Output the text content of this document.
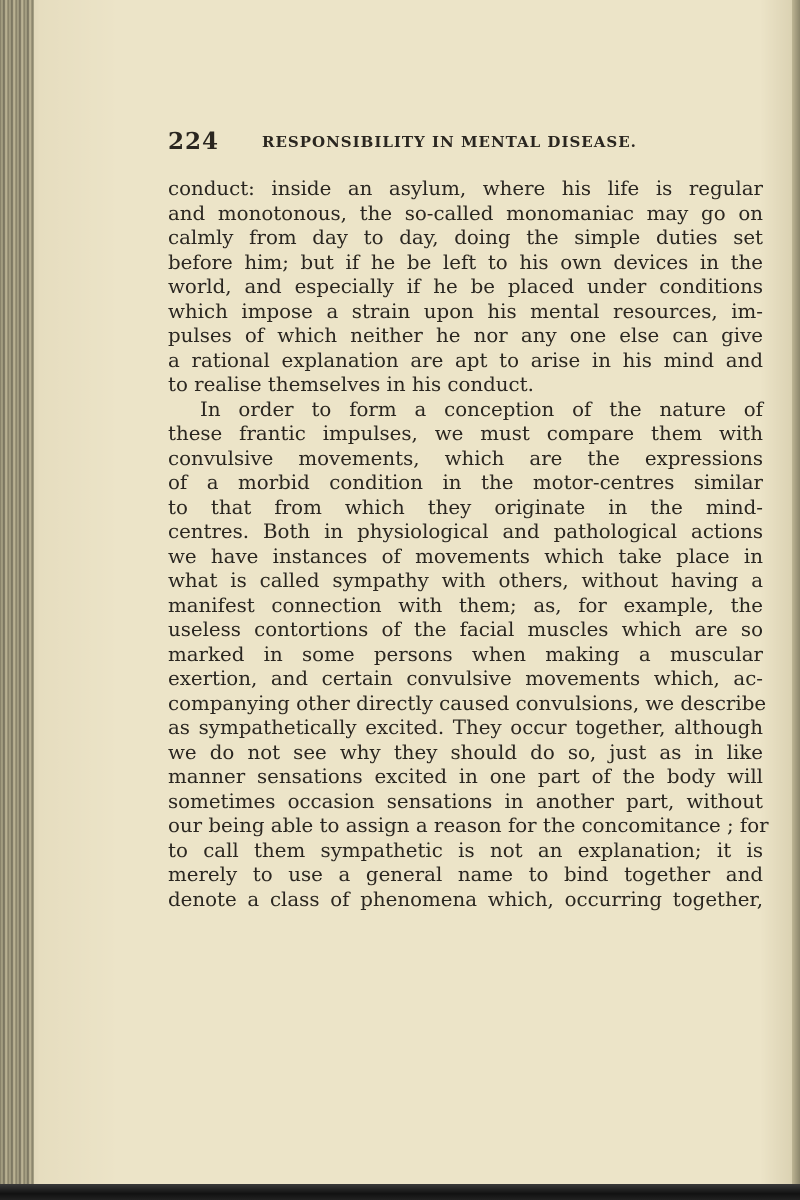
224	RESPONSIBILITY IN MENTAL DISEASE.
conduct: inside an asylum, where his life is regular
and monotonous, the so-called monomaniac may go on
calmly from day to day, doing the simple duties set
before him; but if he be left to his own devices in the
world, and especially if he be placed under conditions
which impose a strain upon his mental resources, im-
pulses of which neither he nor any one else can give
a rational explanation are apt to arise in his mind and
to realise themselves in his conduct.
In order to form a conception of the nature of
these frantic impulses, we must compare them with
convulsive movements, which are the expressions
of a morbid condition in the motor-centres similar
to that from which they originate in the mind-
centres. Both in physiological and pathological actions
we have instances of movements which take place in
what is called sympathy with others, without having a
manifest connection with them; as, for example, the
useless contortions of the facial muscles which are so
marked in some persons when making a muscular
exertion, and certain convulsive movements which, ac-
companying other directly caused convulsions, we describe
as sympathetically excited. They occur together, although
we do not see why they should do so, just as in like
manner sensations excited in one part of the body will
sometimes occasion sensations in another part, without
our being able to assign a reason for the concomitance ; for
to call them sympathetic is not an explanation; it is
merely to use a general name to bind together and
denote a class of phenomena which, occurring together,
